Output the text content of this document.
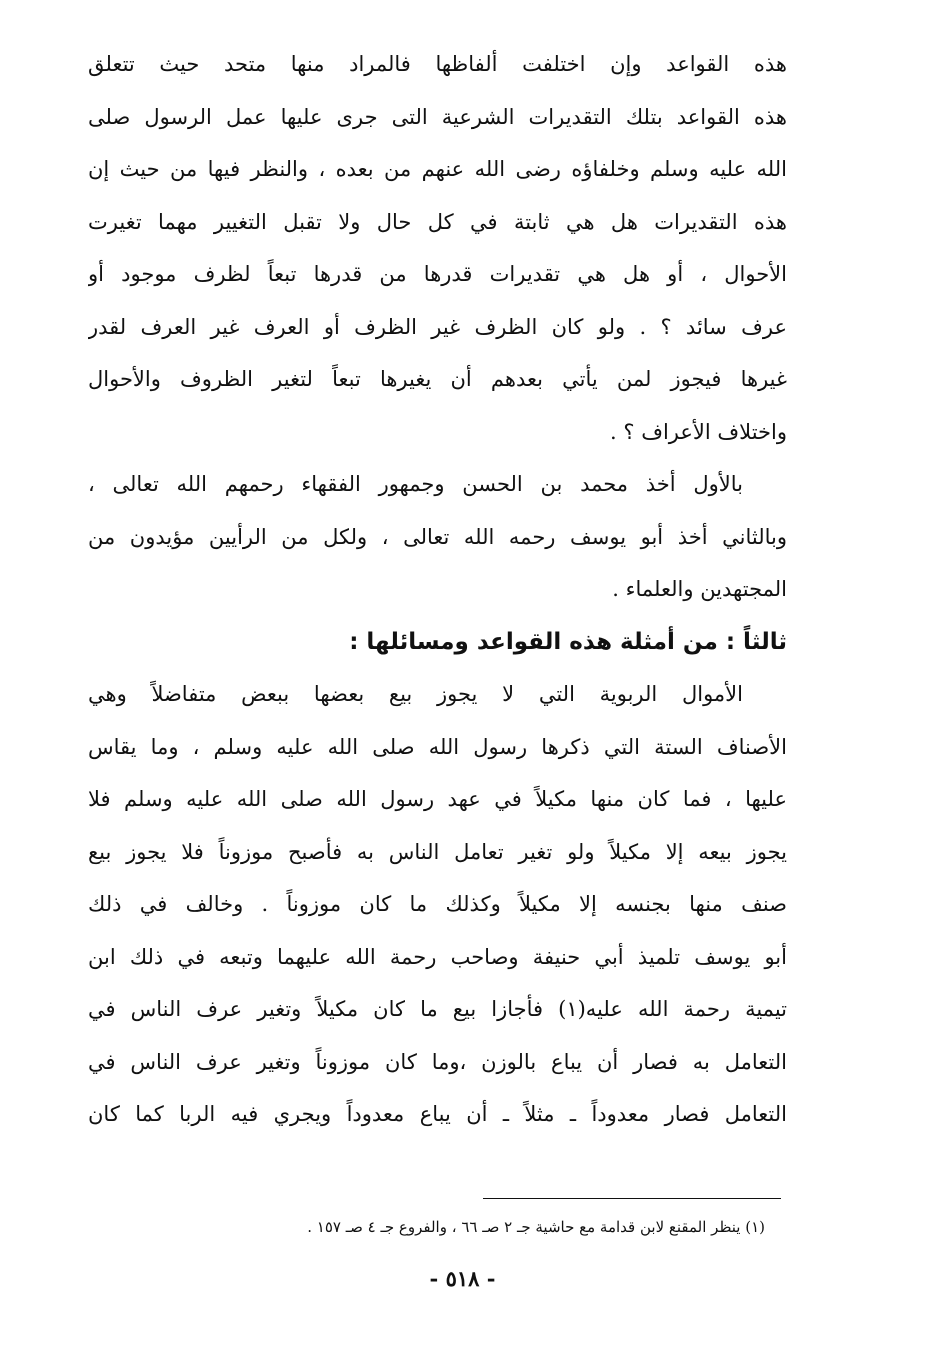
هذه القواعد وإن اختلفت ألفاظها فالمراد منها متحد حيث تتعلق
هذه القواعد بتلك التقديرات الشرعية التى جرى عليها عمل الرسول صلى
الله عليه وسلم وخلفاؤه رضى الله عنهم من بعده ، والنظر فيها من حيث إن
هذه التقديرات هل هي ثابتة في كل حال ولا تقبل التغيير مهما تغيرت
الأحوال ، أو هل هي تقديرات قدرها من قدرها تبعاً لظرف موجود أو
عرف سائد ؟ . ولو كان الظرف غير الظرف أو العرف غير العرف لقدر
غيرها فيجوز لمن يأتي بعدهم أن يغيرها تبعاً لتغير الظروف والأحوال
واختلاف الأعراف ؟ .
بالأول أخذ محمد بن الحسن وجمهور الفقهاء رحمهم الله تعالى ،
وبالثاني أخذ أبو يوسف رحمه الله تعالى ، ولكل من الرأيين مؤيدون من
المجتهدين والعلماء .
ثالثاً : من أمثلة هذه القواعد ومسائلها :
الأموال الربوية التي لا يجوز بيع بعضها ببعض متفاضلاً وهي
الأصناف الستة التي ذكرها رسول الله صلى الله عليه وسلم ، وما يقاس
عليها ، فما كان منها مكيلاً في عهد رسول الله صلى الله عليه وسلم فلا
يجوز بيعه إلا مكيلاً ولو تغير تعامل الناس به فأصبح موزوناً فلا يجوز بيع
صنف منها بجنسه إلا مكيلاً وكذلك ما كان موزوناً . وخالف في ذلك
أبو يوسف تلميذ أبي حنيفة وصاحب رحمة الله عليهما وتبعه في ذلك ابن
تيمية رحمة الله عليه(١) فأجازا بيع ما كان مكيلاً وتغير عرف الناس في
التعامل به فصار أن يباع بالوزن ،وما كان موزوناً وتغير عرف الناس في
التعامل فصار معدوداً ـ مثلاً ـ أن يباع معدوداً ويجري فيه الربا كما كان
(١) ينظر المقنع لابن قدامة مع حاشية جـ ٢ صـ ٦٦ ، والفروع جـ ٤ صـ ١٥٧ .
- ٥١٨ -
